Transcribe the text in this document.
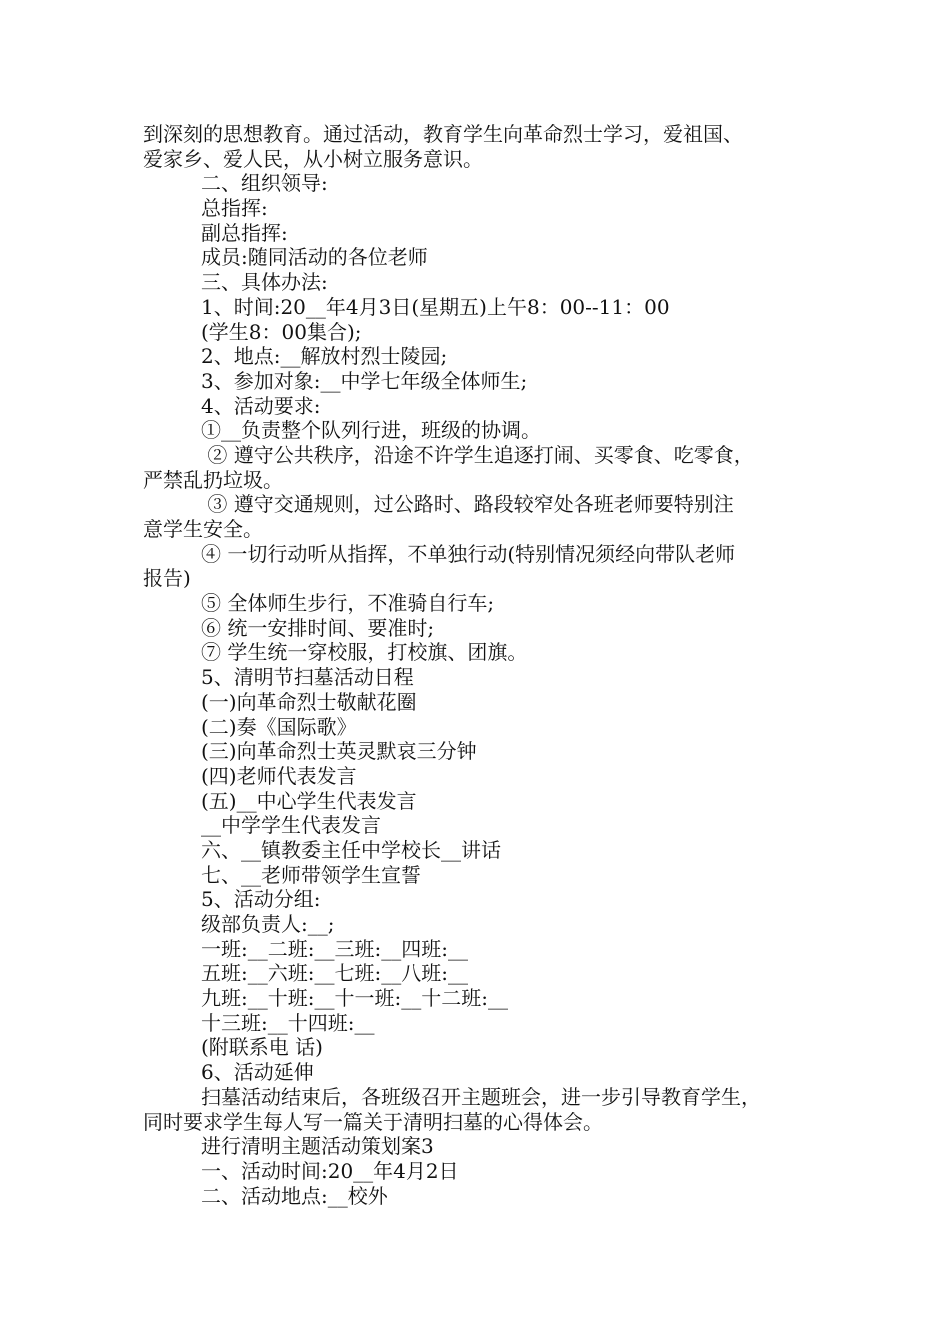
到深刻的思想教育。通过活动，教育学生向革命烈士学习，爱祖国、
爱家乡、爱人民，从小树立服务意识。
二、组织领导:
总指挥:
副总指挥:
成员:随同活动的各位老师
三、具体办法:
1、时间:20__年4月3日(星期五)上午8：00--11：00
(学生8：00集合);
2、地点:__解放村烈士陵园;
3、参加对象:__中学七年级全体师生;
4、活动要求:
①__负责整个队列行进，班级的协调。
② 遵守公共秩序，沿途不许学生追逐打闹、买零食、吃零食，
严禁乱扔垃圾。
③ 遵守交通规则，过公路时、路段较窄处各班老师要特别注
意学生安全。
④ 一切行动听从指挥，不单独行动(特别情况须经向带队老师
报告)
⑤ 全体师生步行，不准骑自行车;
⑥ 统一安排时间、要准时;
⑦ 学生统一穿校服，打校旗、团旗。
5、清明节扫墓活动日程
(一)向革命烈士敬献花圈
(二)奏《国际歌》
(三)向革命烈士英灵默哀三分钟
(四)老师代表发言
(五)__中心学生代表发言
__中学学生代表发言
六、__镇教委主任中学校长__讲话
七、__老师带领学生宣誓
5、活动分组:
级部负责人:__;
一班:__二班:__三班:__四班:__
五班:__六班:__七班:__八班:__
九班:__十班:__十一班:__十二班:__
十三班:__十四班:__
(附联系电 话)
6、活动延伸
扫墓活动结束后，各班级召开主题班会，进一步引导教育学生，
同时要求学生每人写一篇关于清明扫墓的心得体会。
进行清明主题活动策划案3
一、活动时间:20__年4月2日
二、活动地点:__校外
